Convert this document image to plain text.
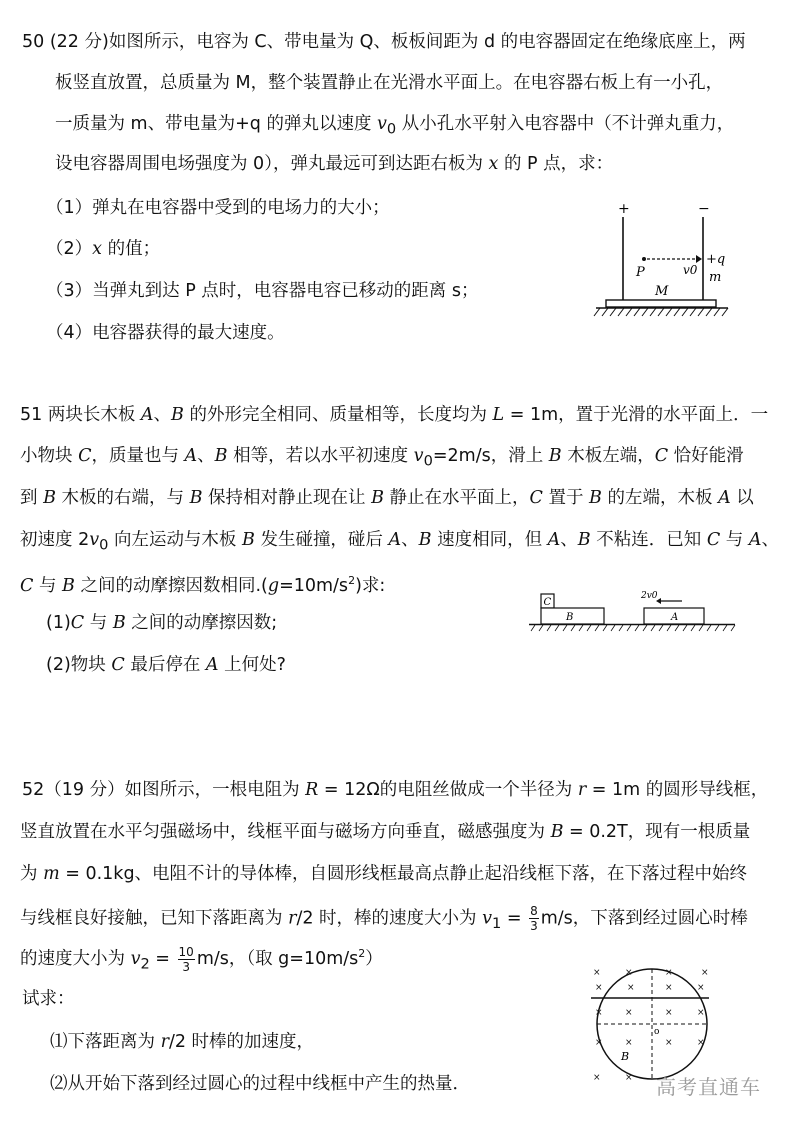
50 (22 分)如图所示，电容为 C、带电量为 Q、板板间距为 d 的电容器固定在绝缘底座上，两
板竖直放置，总质量为 M，整个装置静止在光滑水平面上。在电容器右板上有一小孔，
一质量为 m、带电量为+q 的弹丸以速度 $v_0$ 从小孔水平射入电容器中（不计弹丸重力，
设电容器周围电场强度为 0），弹丸最远可到达距右板为 x 的 P 点，求：
（1）弹丸在电容器中受到的电场力的大小；
（2）x 的值；
（3）当弹丸到达 P 点时，电容器电容已移动的距离 s；
（4）电容器获得的最大速度。
+	−
P	v0
+q
m
M
51 两块长木板 A、B 的外形完全相同、质量相等，长度均为 L = 1m，置于光滑的水平面上．一
小物块 C，质量也与 A、B 相等，若以水平初速度 $v_0=2m/s$，滑上 B 木板左端，C 恰好能滑
到 B 木板的右端，与 B 保持相对静止现在让 B 静止在水平面上，C 置于 B 的左端，木板 A 以
初速度 $2v_0$ 向左运动与木板 B 发生碰撞，碰后 A、B 速度相同，但 A、B 不粘连．已知 C 与 A、
C 与 B 之间的动摩擦因数相同$.(g=10m/s^2)$求:
(1)C 与 B 之间的动摩擦因数;
(2)物块 C 最后停在 A 上何处?
C
B	A
2v0
52（19 分）如图所示，一根电阻为 R = 12Ω的电阻丝做成一个半径为 r = 1m 的圆形导线框，
竖直放置在水平匀强磁场中，线框平面与磁场方向垂直，磁感强度为 B = 0.2T，现有一根质量
为 m = 0.1kg、电阻不计的导体棒，自圆形线框最高点静止起沿线框下落，在下落过程中始终
与线框良好接触，已知下落距离为 r/2 时，棒的速度大小为 $v_1 = \frac{8}{3} m/s$，下落到经过圆心时棒
的速度大小为 $v_2 = \frac{10}{3} m/s$，（取 $g=10m/s^2$）
试求：
⑴下落距离为 r/2 时棒的加速度，
⑵从开始下落到经过圆心的过程中线框中产生的热量．
×	×	×	×
×	×	×	×
× ×	×	×
× ×	×	×
×	×
o
B
高考直通车
